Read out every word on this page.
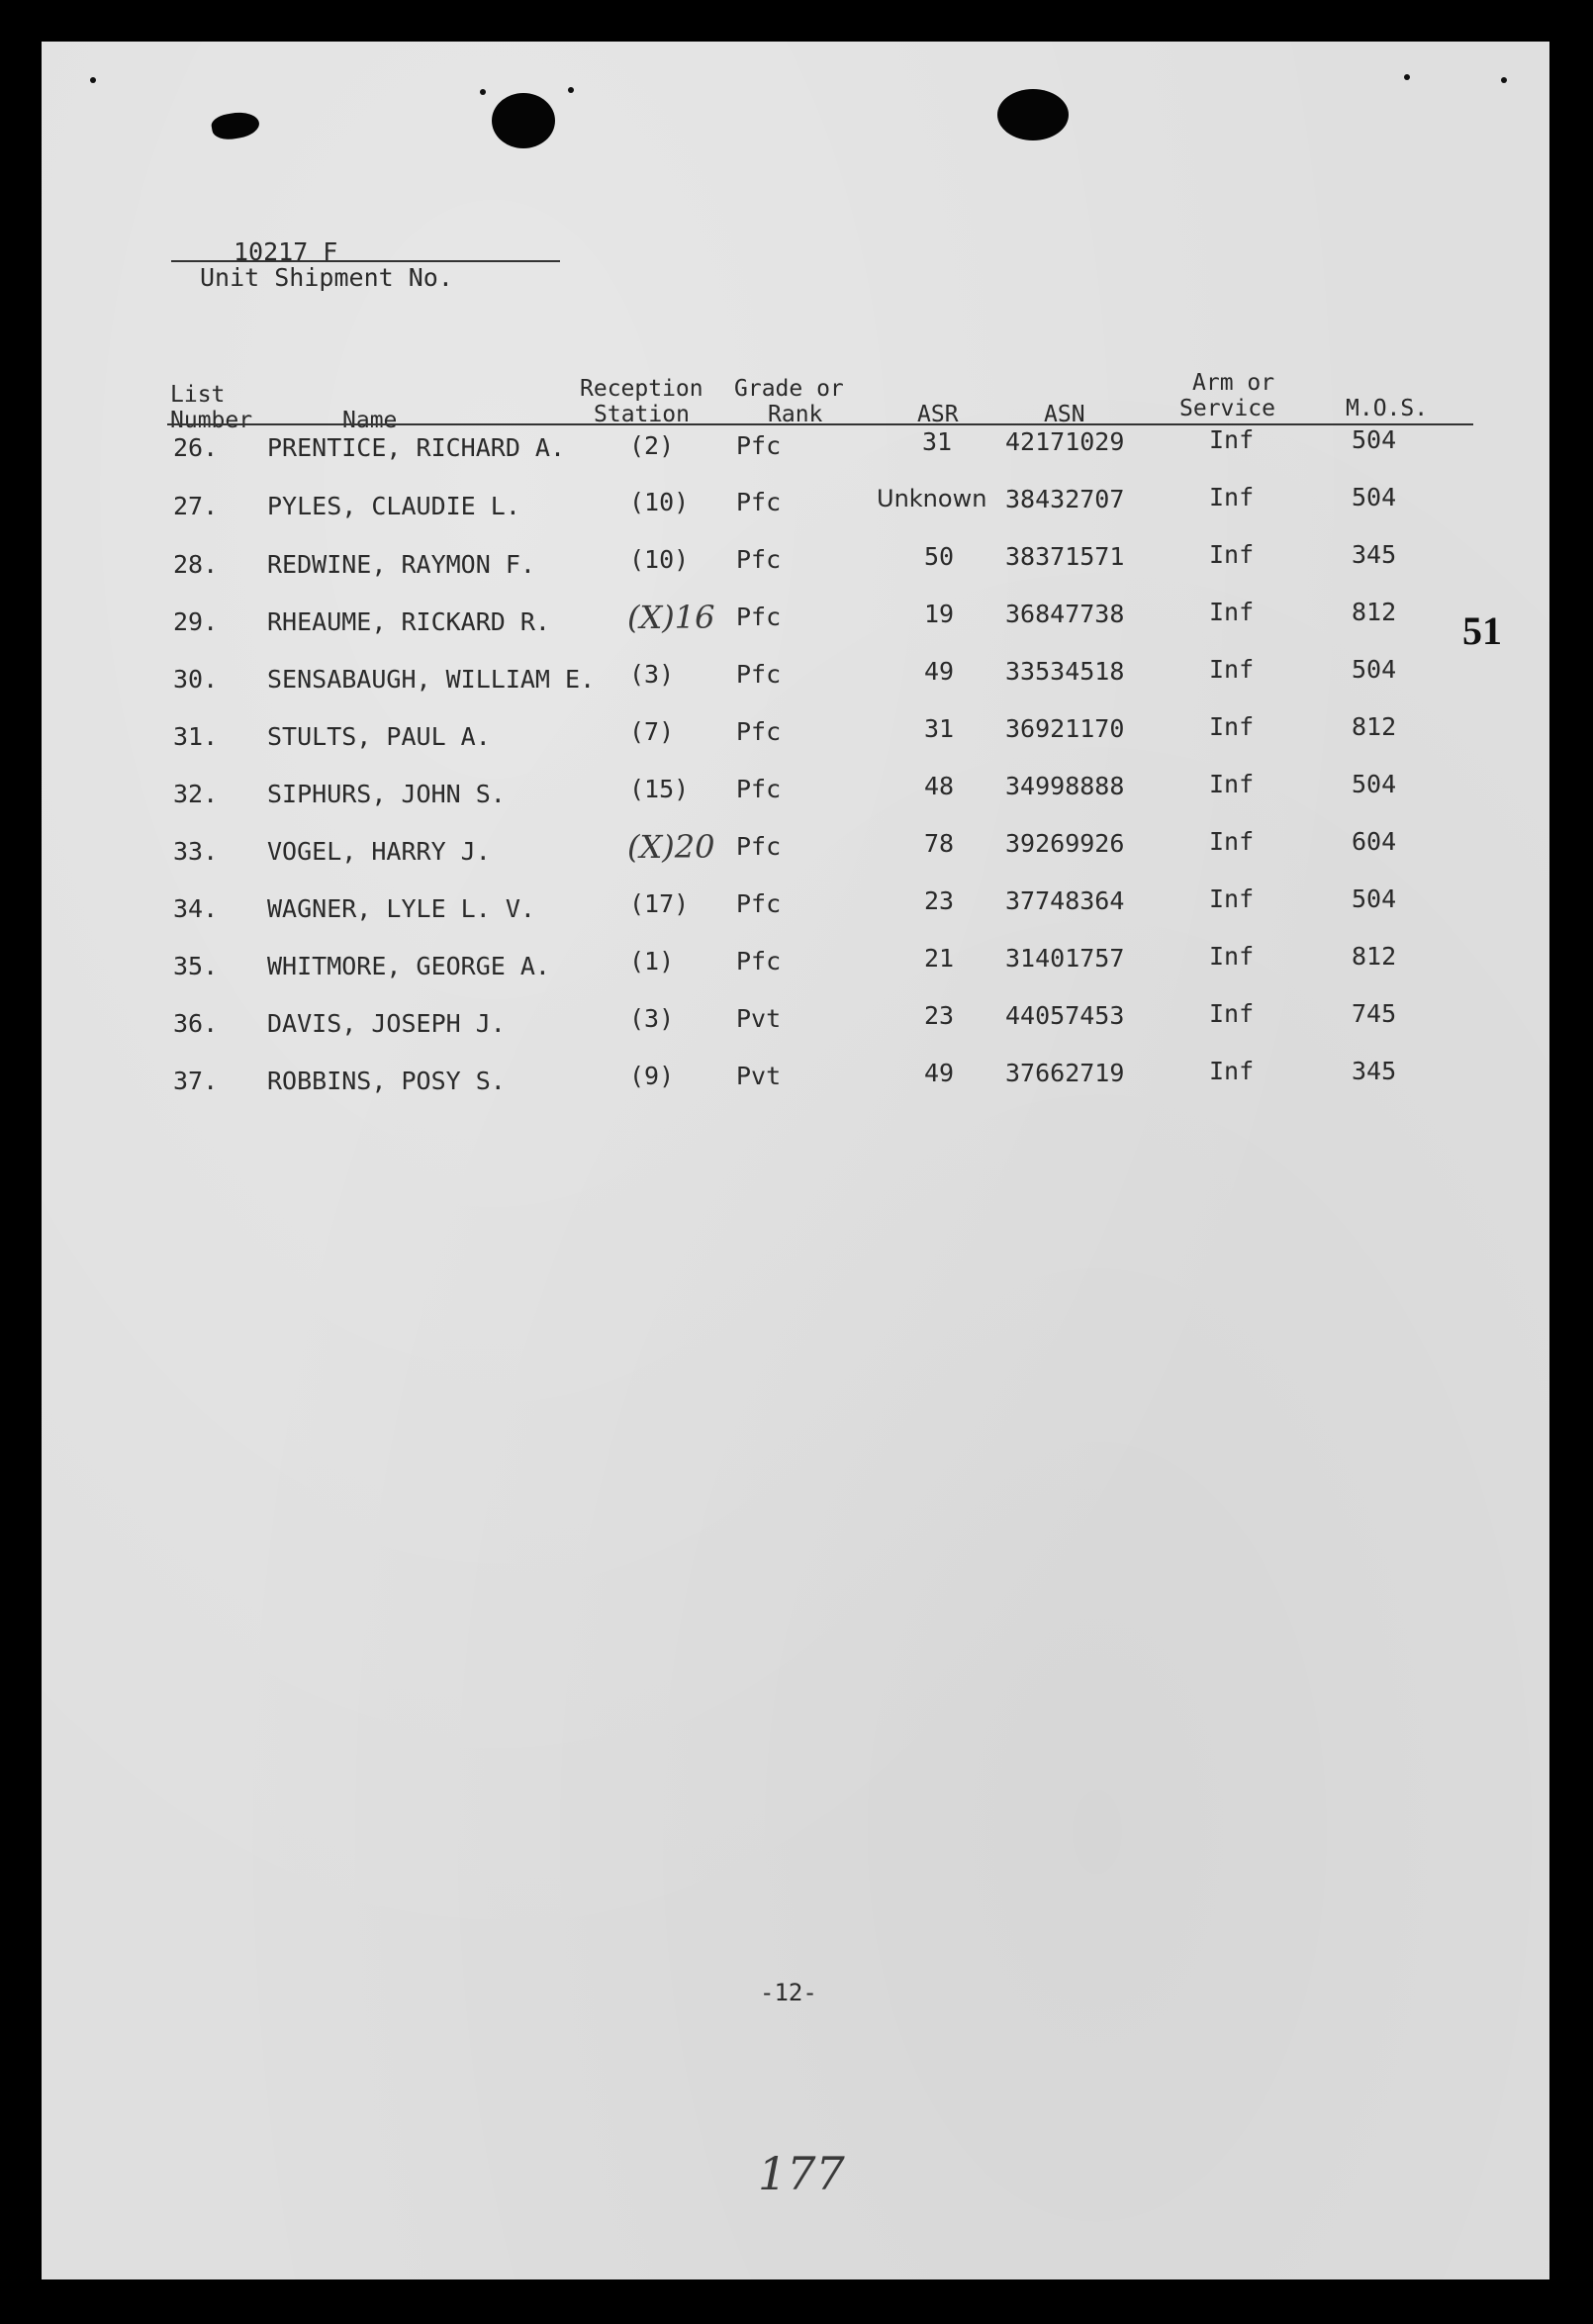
10217 F
Unit Shipment No.
List
Number	Name
Reception
Station
Grade or
Rank	ASR	ASN
Arm or
Service	M.O.S.
26. PRENTICE, RICHARD A.	(2)	Pfc	31 42171029	Inf	504
27. PYLES, CLAUDIE L.	(10) Pfc	Unknown 38432707	Inf	504
28. REDWINE, RAYMON F.	(10) Pfc	50 38371571	Inf	345
29. RHEAUME, RICKARD R. (X)16 Pfc	19 36847738	Inf	812
30. SENSABAUGH, WILLIAM E. (3)	Pfc	49 33534518	Inf	504
31. STULTS, PAUL A.	(7)	Pfc	31 36921170	Inf	812
32. SIPHURS, JOHN S.	(15) Pfc	48 34998888	Inf	504
33. VOGEL, HARRY J.	(X)20 Pfc	78 39269926	Inf	604
34. WAGNER, LYLE L. V.	(17) Pfc	23 37748364	Inf	504
35. WHITMORE, GEORGE A.	(1)	Pfc	21 31401757	Inf	812
36. DAVIS, JOSEPH J.	(3)	Pvt	23 44057453	Inf	745
37. ROBBINS, POSY S.	(9)	Pvt	49 37662719	Inf	345
51
-12-
177
